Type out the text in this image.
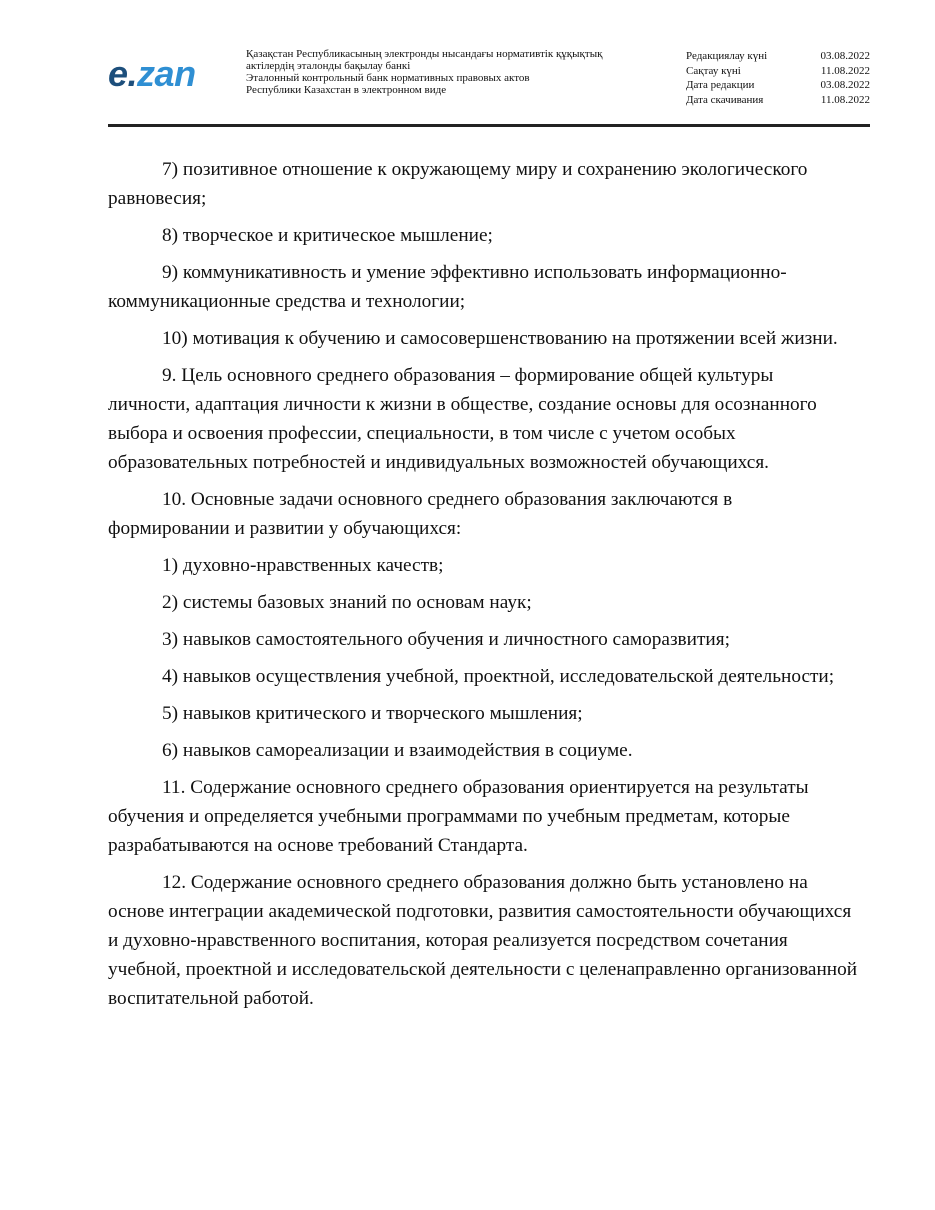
e.zan	Қазақстан Республикасының электронды нысандағы нормативтік құқықтық
актілердің эталонды бақылау банкі
Эталонный контрольный банк нормативных правовых актов
Республики Казахстан в электронном виде
Редакциялау күні	03.08.2022
Сақтау күні	11.08.2022
Дата редакции	03.08.2022
Дата скачивания	11.08.2022

7) позитивное отношение к окружающему миру и сохранению экологического равновесия;

8) творческое и критическое мышление;

9) коммуникативность и умение эффективно использовать информационно-коммуникационные средства и технологии;

10) мотивация к обучению и самосовершенствованию на протяжении всей жизни.

9. Цель основного среднего образования – формирование общей культуры личности, адаптация личности к жизни в обществе, создание основы для осознанного выбора и освоения профессии, специальности, в том числе с учетом особых образовательных потребностей и индивидуальных возможностей обучающихся.

10. Основные задачи основного среднего образования заключаются в формировании и развитии у обучающихся:

1) духовно-нравственных качеств;

2) системы базовых знаний по основам наук;

3) навыков самостоятельного обучения и личностного саморазвития;

4) навыков осуществления учебной, проектной, исследовательской деятельности;

5) навыков критического и творческого мышления;

6) навыков самореализации и взаимодействия в социуме.

11. Содержание основного среднего образования ориентируется на результаты обучения и определяется учебными программами по учебным предметам, которые разрабатываются на основе требований Стандарта.

12. Содержание основного среднего образования должно быть установлено на основе интеграции академической подготовки, развития самостоятельности обучающихся и духовно-нравственного воспитания, которая реализуется посредством сочетания учебной, проектной и исследовательской деятельности с целенаправленно организованной воспитательной работой.
